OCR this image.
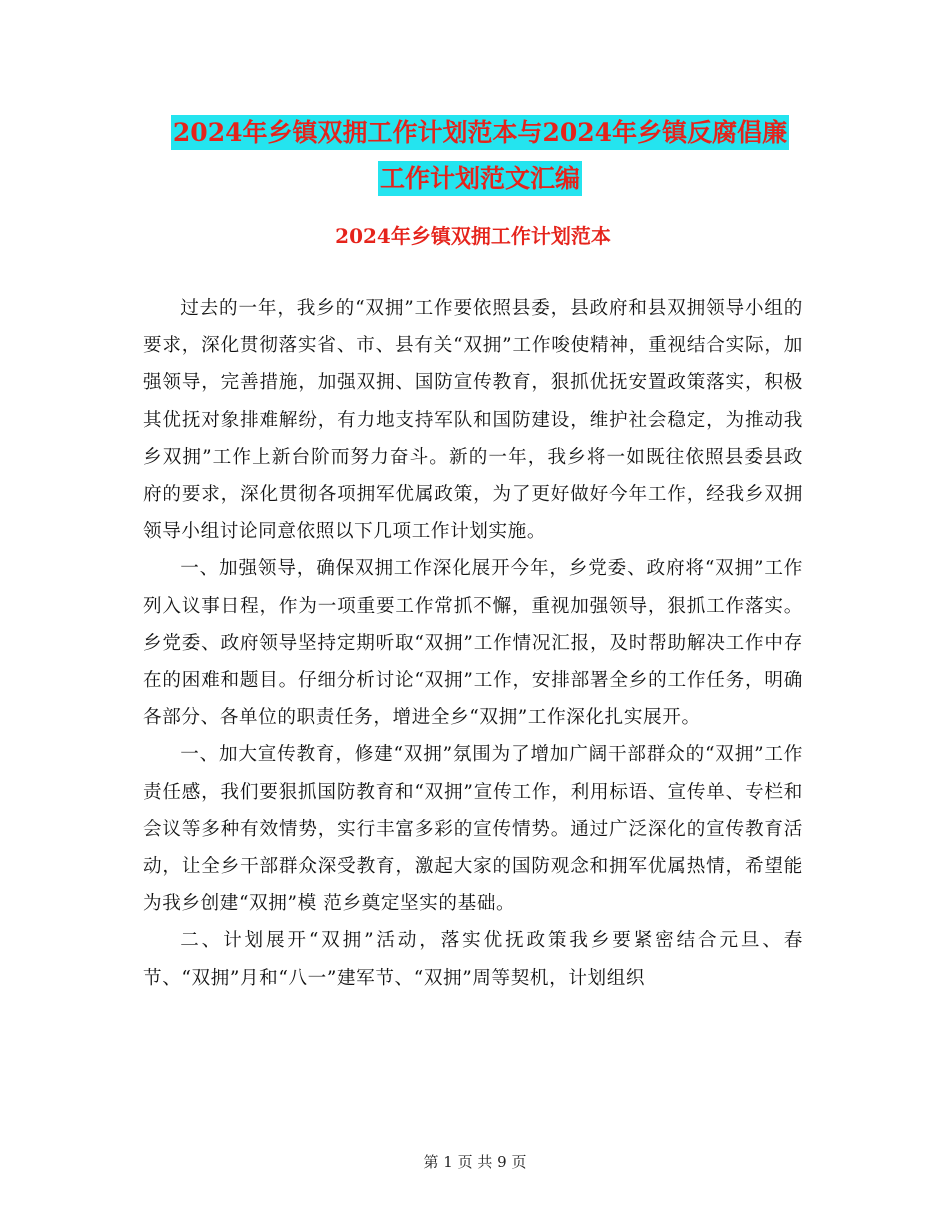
2024年乡镇双拥工作计划范本与2024年乡镇反腐倡廉
工作计划范文汇编
2024年乡镇双拥工作计划范本

过去的一年，我乡的“双拥”工作要依照县委，县政府和县双拥领导小组的要求，深化贯彻落实省、市、县有关“双拥”工作唆使精神，重视结合实际，加强领导，完善措施，加强双拥、国防宣传教育，狠抓优抚安置政策落实，积极其优抚对象排难解纷，有力地支持军队和国防建设，维护社会稳定，为推动我乡双拥”工作上新台阶而努力奋斗。新的一年，我乡将一如既往依照县委县政府的要求，深化贯彻各项拥军优属政策，为了更好做好今年工作，经我乡双拥领导小组讨论同意依照以下几项工作计划实施。

一、加强领导，确保双拥工作深化展开今年，乡党委、政府将“双拥”工作列入议事日程，作为一项重要工作常抓不懈，重视加强领导，狠抓工作落实。乡党委、政府领导坚持定期听取“双拥”工作情况汇报，及时帮助解决工作中存在的困难和题目。仔细分析讨论“双拥”工作，安排部署全乡的工作任务，明确各部分、各单位的职责任务，增进全乡“双拥”工作深化扎实展开。

一、加大宣传教育，修建“双拥”氛围为了增加广阔干部群众的“双拥”工作责任感，我们要狠抓国防教育和“双拥”宣传工作，利用标语、宣传单、专栏和会议等多种有效情势，实行丰富多彩的宣传情势。通过广泛深化的宣传教育活动，让全乡干部群众深受教育，激起大家的国防观念和拥军优属热情，希望能为我乡创建“双拥”模 范乡奠定坚实的基础。

二、计划展开“双拥”活动，落实优抚政策我乡要紧密结合元旦、春节、“双拥”月和“八一”建军节、“双拥”周等契机，计划组织

第 1 页 共 9 页
